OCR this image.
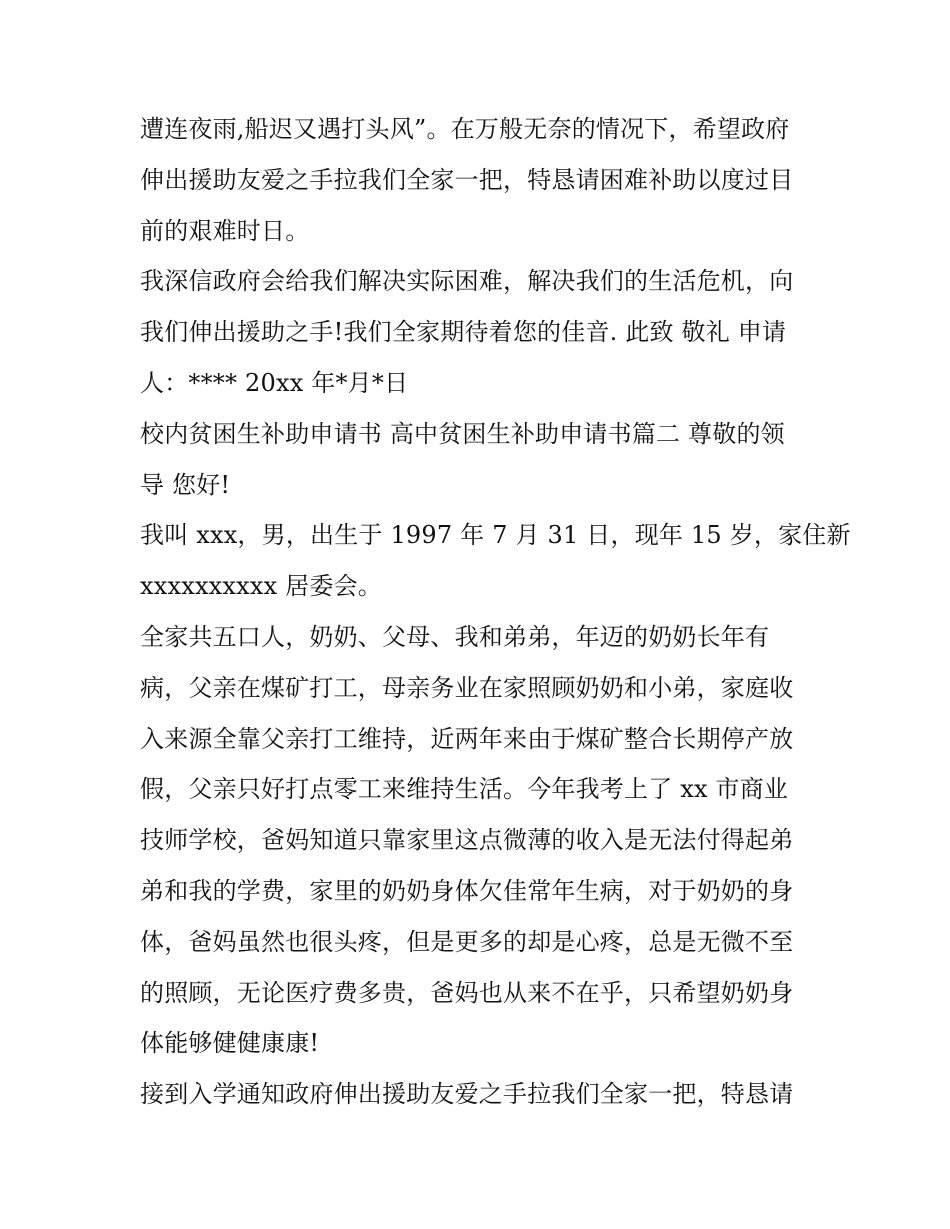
遭连夜雨,船迟又遇打头风”。在万般无奈的情况下，希望政府
伸出援助友爱之手拉我们全家一把，特恳请困难补助以度过目
前的艰难时日。
我深信政府会给我们解决实际困难，解决我们的生活危机，向
我们伸出援助之手!我们全家期待着您的佳音. 此致 敬礼 申请
人：**** 20xx 年*月*日
校内贫困生补助申请书 高中贫困生补助申请书篇二 尊敬的领
导 您好!
我叫 xxx，男，出生于 1997 年 7 月 31 日，现年 15 岁，家住新
xxxxxxxxxx 居委会。
全家共五口人，奶奶、父母、我和弟弟，年迈的奶奶长年有
病，父亲在煤矿打工，母亲务业在家照顾奶奶和小弟，家庭收
入来源全靠父亲打工维持，近两年来由于煤矿整合长期停产放
假，父亲只好打点零工来维持生活。今年我考上了 xx 市商业
技师学校，爸妈知道只靠家里这点微薄的收入是无法付得起弟
弟和我的学费，家里的奶奶身体欠佳常年生病，对于奶奶的身
体，爸妈虽然也很头疼，但是更多的却是心疼，总是无微不至
的照顾，无论医疗费多贵，爸妈也从来不在乎，只希望奶奶身
体能够健健康康!
接到入学通知政府伸出援助友爱之手拉我们全家一把，特恳请
